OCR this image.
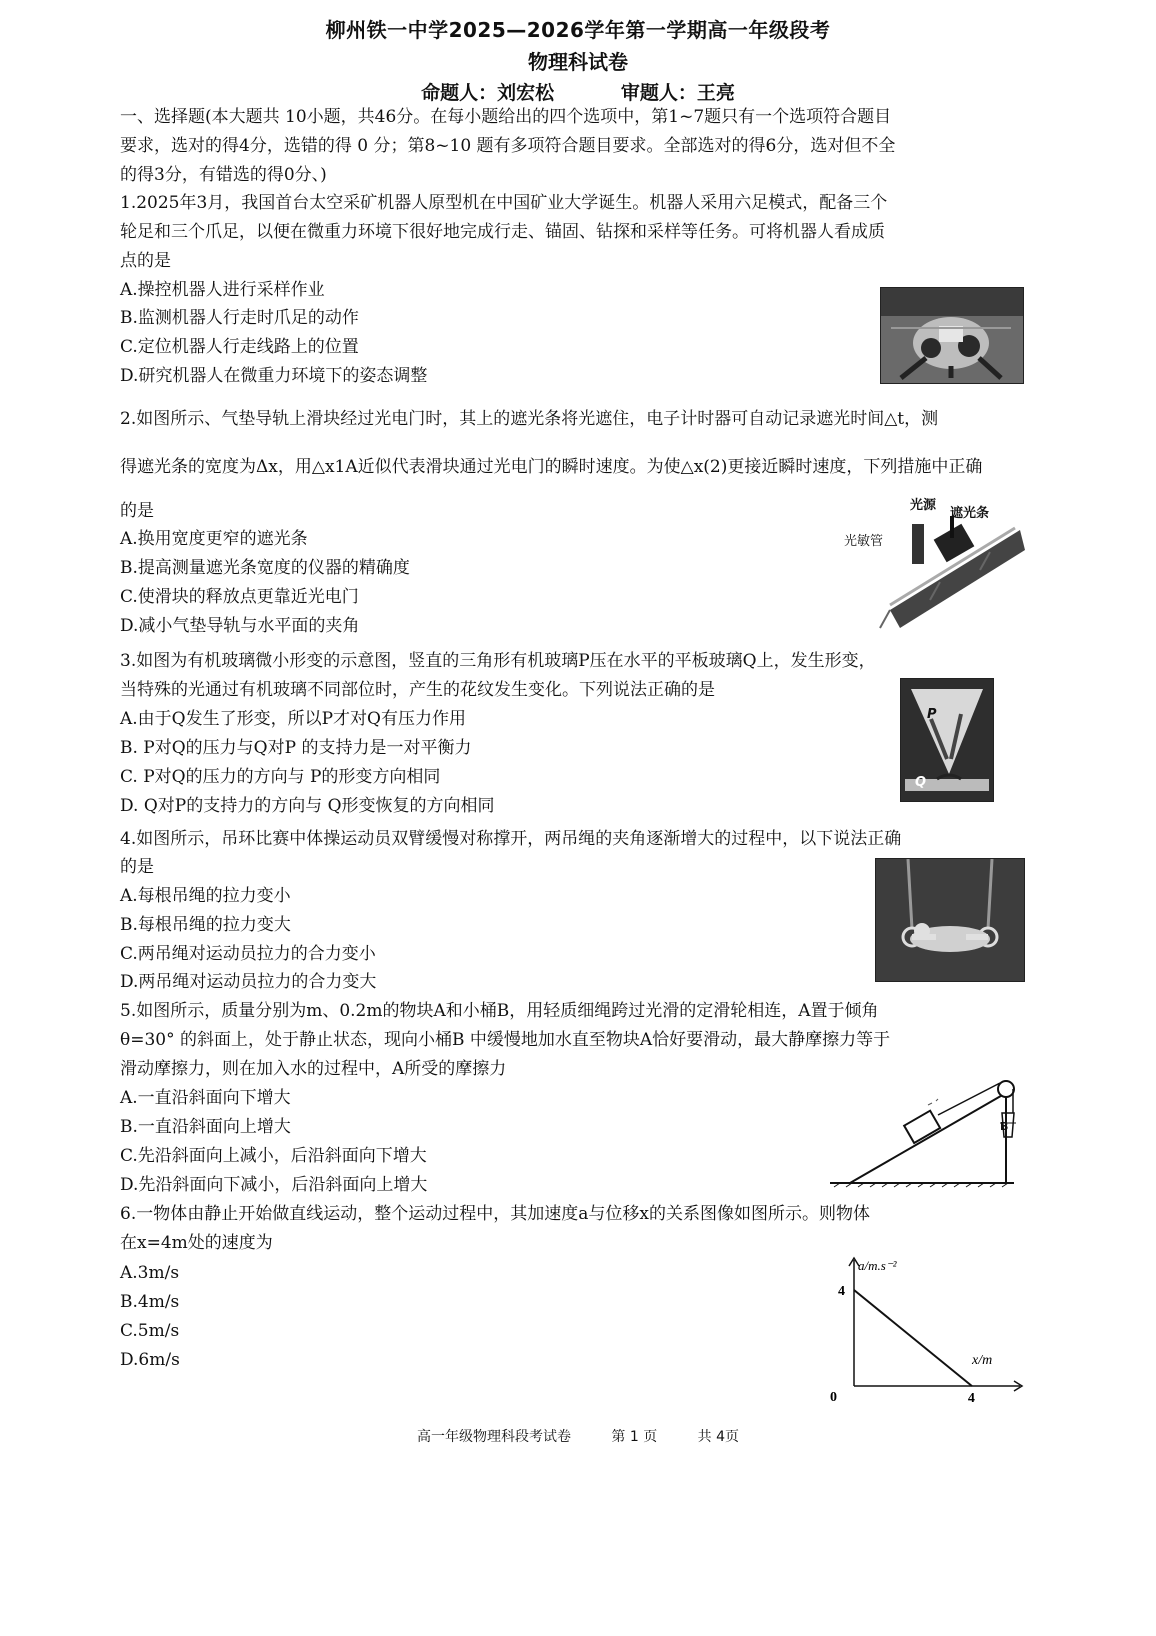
柳州铁一中学2025—2026学年第一学期高一年级段考
物理科试卷
命题人：刘宏松	审题人：王亮
一、选择题(本大题共 10小题，共46分。在每小题给出的四个选项中，第1~7题只有一个选项符合题目
要求，选对的得4分，选错的得 0 分；第8~10 题有多项符合题目要求。全部选对的得6分，选对但不全
的得3分，有错选的得0分、)
1.2025年3月，我国首台太空采矿机器人原型机在中国矿业大学诞生。机器人采用六足模式，配备三个
轮足和三个爪足，以便在微重力环境下很好地完成行走、锚固、钻探和采样等任务。可将机器人看成质
点的是
A.操控机器人进行采样作业
B.监测机器人行走时爪足的动作
C.定位机器人行走线路上的位置
D.研究机器人在微重力环境下的姿态调整
2.如图所示、气垫导轨上滑块经过光电门时，其上的遮光条将光遮住，电子计时器可自动记录遮光时间△t，测
得遮光条的宽度为Δx，用△x1A近似代表滑块通过光电门的瞬时速度。为使△x(2)更接近瞬时速度，下列措施中正确
的是
A.换用宽度更窄的遮光条
B.提高测量遮光条宽度的仪器的精确度
C.使滑块的释放点更靠近光电门
D.减小气垫导轨与水平面的夹角
光源
遮光条
光敏管
3.如图为有机玻璃微小形变的示意图，竖直的三角形有机玻璃P压在水平的平板玻璃Q上，发生形变，
当特殊的光通过有机玻璃不同部位时，产生的花纹发生变化。下列说法正确的是
A.由于Q发生了形变，所以P才对Q有压力作用
B. P对Q的压力与Q对P 的支持力是一对平衡力
C. P对Q的压力的方向与 P的形变方向相同
D. Q对P的支持力的方向与 Q形变恢复的方向相同
P
Q
4.如图所示，吊环比赛中体操运动员双臂缓慢对称撑开，两吊绳的夹角逐渐增大的过程中，以下说法正确
的是
A.每根吊绳的拉力变小
B.每根吊绳的拉力变大
C.两吊绳对运动员拉力的合力变小
D.两吊绳对运动员拉力的合力变大
5.如图所示，质量分别为m、0.2m的物块A和小桶B，用轻质细绳跨过光滑的定滑轮相连，A置于倾角
θ=30° 的斜面上，处于静止状态，现向小桶B 中缓慢地加水直至物块A恰好要滑动，最大静摩擦力等于
滑动摩擦力，则在加入水的过程中，A所受的摩擦力
A.一直沿斜面向下增大
B.一直沿斜面向上增大
C.先沿斜面向上减小，后沿斜面向下增大
D.先沿斜面向下减小，后沿斜面向上增大
B
6.一物体由静止开始做直线运动，整个运动过程中，其加速度a与位移x的关系图像如图所示。则物体
在x=4m处的速度为
A.3m/s
B.4m/s
C.5m/s
D.6m/s
4
4
x/m
a/m.s⁻²
0
高一年级物理科段考试卷	第 1 页	共 4页
